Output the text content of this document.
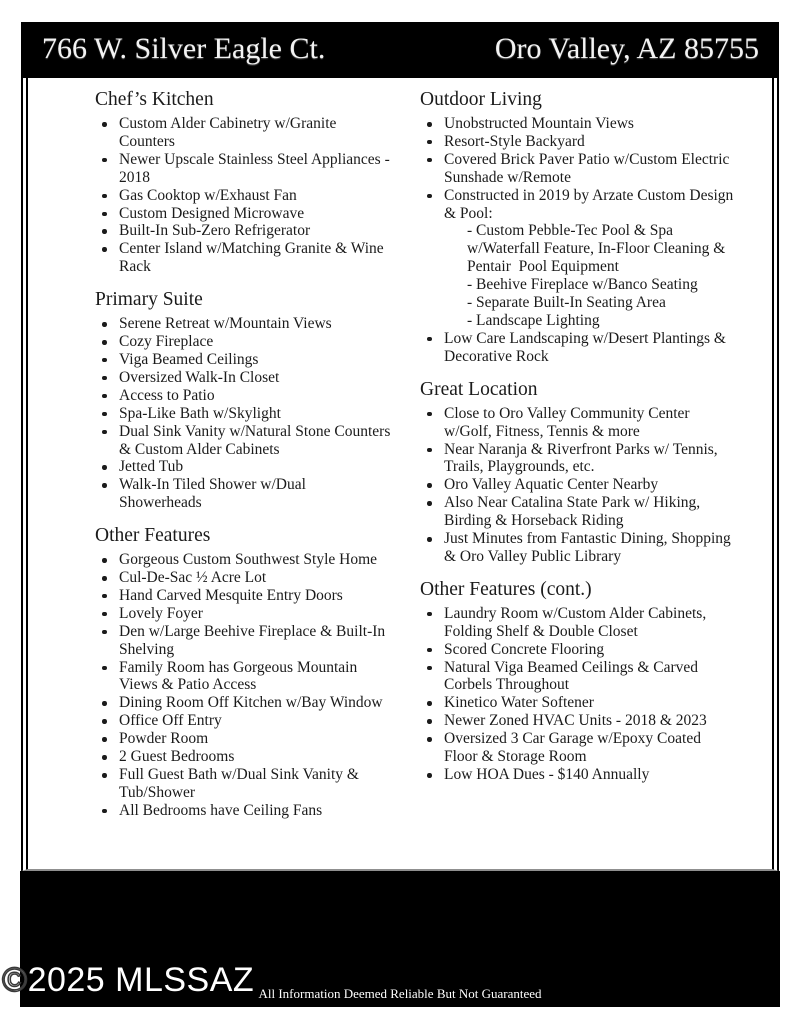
766 W. Silver Eagle Ct.	Oro Valley, AZ 85755
Chef’s Kitchen
Custom Alder Cabinetry w/Granite Counters
Newer Upscale Stainless Steel Appliances - 2018
Gas Cooktop w/Exhaust Fan
Custom Designed Microwave
Built-In Sub-Zero Refrigerator
Center Island w/Matching Granite & Wine Rack
Primary Suite
Serene Retreat w/Mountain Views
Cozy Fireplace
Viga Beamed Ceilings
Oversized Walk-In Closet
Access to Patio
Spa-Like Bath w/Skylight
Dual Sink Vanity w/Natural Stone Counters & Custom Alder Cabinets
Jetted Tub
Walk-In Tiled Shower w/Dual Showerheads
Other Features
Gorgeous Custom Southwest Style Home
Cul-De-Sac ½ Acre Lot
Hand Carved Mesquite Entry Doors
Lovely Foyer
Den w/Large Beehive Fireplace & Built-In Shelving
Family Room has Gorgeous Mountain Views & Patio Access
Dining Room Off Kitchen w/Bay Window
Office Off Entry
Powder Room
2 Guest Bedrooms
Full Guest Bath w/Dual Sink Vanity & Tub/Shower
All Bedrooms have Ceiling Fans
Outdoor Living
Unobstructed Mountain Views
Resort-Style Backyard
Covered Brick Paver Patio w/Custom Electric Sunshade w/Remote
Constructed in 2019 by Arzate Custom Design & Pool:
- Custom Pebble-Tec Pool & Spa w/Waterfall Feature, In-Floor Cleaning & Pentair  Pool Equipment
- Beehive Fireplace w/Banco Seating
- Separate Built-In Seating Area
- Landscape Lighting
Low Care Landscaping w/Desert Plantings & Decorative Rock
Great Location
Close to Oro Valley Community Center w/Golf, Fitness, Tennis & more
Near Naranja & Riverfront Parks w/ Tennis, Trails, Playgrounds, etc.
Oro Valley Aquatic Center Nearby
Also Near Catalina State Park w/ Hiking, Birding & Horseback Riding
Just Minutes from Fantastic Dining, Shopping & Oro Valley Public Library
Other Features (cont.)
Laundry Room w/Custom Alder Cabinets, Folding Shelf & Double Closet
Scored Concrete Flooring
Natural Viga Beamed Ceilings & Carved Corbels Throughout
Kinetico Water Softener
Newer Zoned HVAC Units - 2018 & 2023
Oversized 3 Car Garage w/Epoxy Coated Floor & Storage Room
Low HOA Dues - $140 Annually
©2025 MLSSAZ All Information Deemed Reliable But Not Guaranteed
